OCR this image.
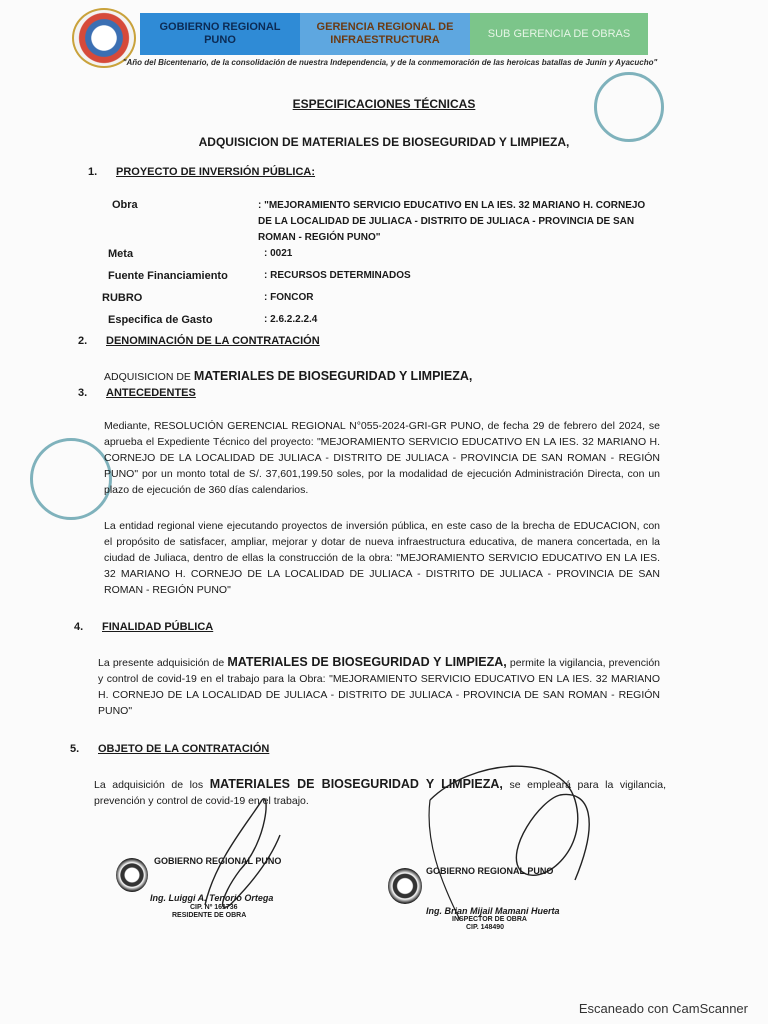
GOBIERNO REGIONAL
PUNO
GERENCIA REGIONAL DE
INFRAESTRUCTURA
SUB GERENCIA DE OBRAS
"Año del Bicentenario, de la consolidación de nuestra Independencia, y de la conmemoración de las heroicas batallas de Junín y Ayacucho"
ESPECIFICACIONES TÉCNICAS
ADQUISICION DE MATERIALES DE BIOSEGURIDAD Y LIMPIEZA,
1. PROYECTO DE INVERSIÓN PÚBLICA:
Obra	: "MEJORAMIENTO SERVICIO EDUCATIVO EN LA IES. 32 MARIANO H. CORNEJO DE LA LOCALIDAD DE JULIACA - DISTRITO DE JULIACA - PROVINCIA DE SAN ROMAN - REGIÓN PUNO"
Meta	: 0021
Fuente Financiamiento	: RECURSOS DETERMINADOS
RUBRO	: FONCOR
Especifica de Gasto	: 2.6.2.2.2.4
2. DENOMINACIÓN DE LA CONTRATACIÓN
ADQUISICION DE MATERIALES DE BIOSEGURIDAD Y LIMPIEZA,
3. ANTECEDENTES
Mediante, RESOLUCIÓN GERENCIAL REGIONAL N°055-2024-GRI-GR PUNO, de fecha 29 de febrero del 2024, se aprueba el Expediente Técnico del proyecto: "MEJORAMIENTO SERVICIO EDUCATIVO EN LA IES. 32 MARIANO H. CORNEJO DE LA LOCALIDAD DE JULIACA - DISTRITO DE JULIACA - PROVINCIA DE SAN ROMAN - REGIÓN PUNO" por un monto total de S/. 37,601,199.50 soles, por la modalidad de ejecución Administración Directa, con un plazo de ejecución de 360 días calendarios.
La entidad regional viene ejecutando proyectos de inversión pública, en este caso de la brecha de EDUCACION, con el propósito de satisfacer, ampliar, mejorar y dotar de nueva infraestructura educativa, de manera concertada, en la ciudad de Juliaca, dentro de ellas la construcción de la obra: "MEJORAMIENTO SERVICIO EDUCATIVO EN LA IES. 32 MARIANO H. CORNEJO DE LA LOCALIDAD DE JULIACA - DISTRITO DE JULIACA - PROVINCIA DE SAN ROMAN - REGIÓN PUNO"
4. FINALIDAD PÚBLICA
La presente adquisición de MATERIALES DE BIOSEGURIDAD Y LIMPIEZA, permite la vigilancia, prevención y control de covid-19 en el trabajo para la Obra: "MEJORAMIENTO SERVICIO EDUCATIVO EN LA IES. 32 MARIANO H. CORNEJO DE LA LOCALIDAD DE JULIACA - DISTRITO DE JULIACA - PROVINCIA DE SAN ROMAN - REGIÓN PUNO"
5. OBJETO DE LA CONTRATACIÓN
La adquisición de los MATERIALES DE BIOSEGURIDAD Y LIMPIEZA, se empleará para la vigilancia, prevención y control de covid-19 en el trabajo.
GOBIERNO REGIONAL PUNO
Ing. Luiggi A. Tenorio Ortega
CIP. Nº 161736
RESIDENTE DE OBRA
GOBIERNO REGIONAL PUNO
Ing. Brian Mijail Mamani Huerta
INSPECTOR DE OBRA
CIP. 148490
Escaneado con CamScanner
